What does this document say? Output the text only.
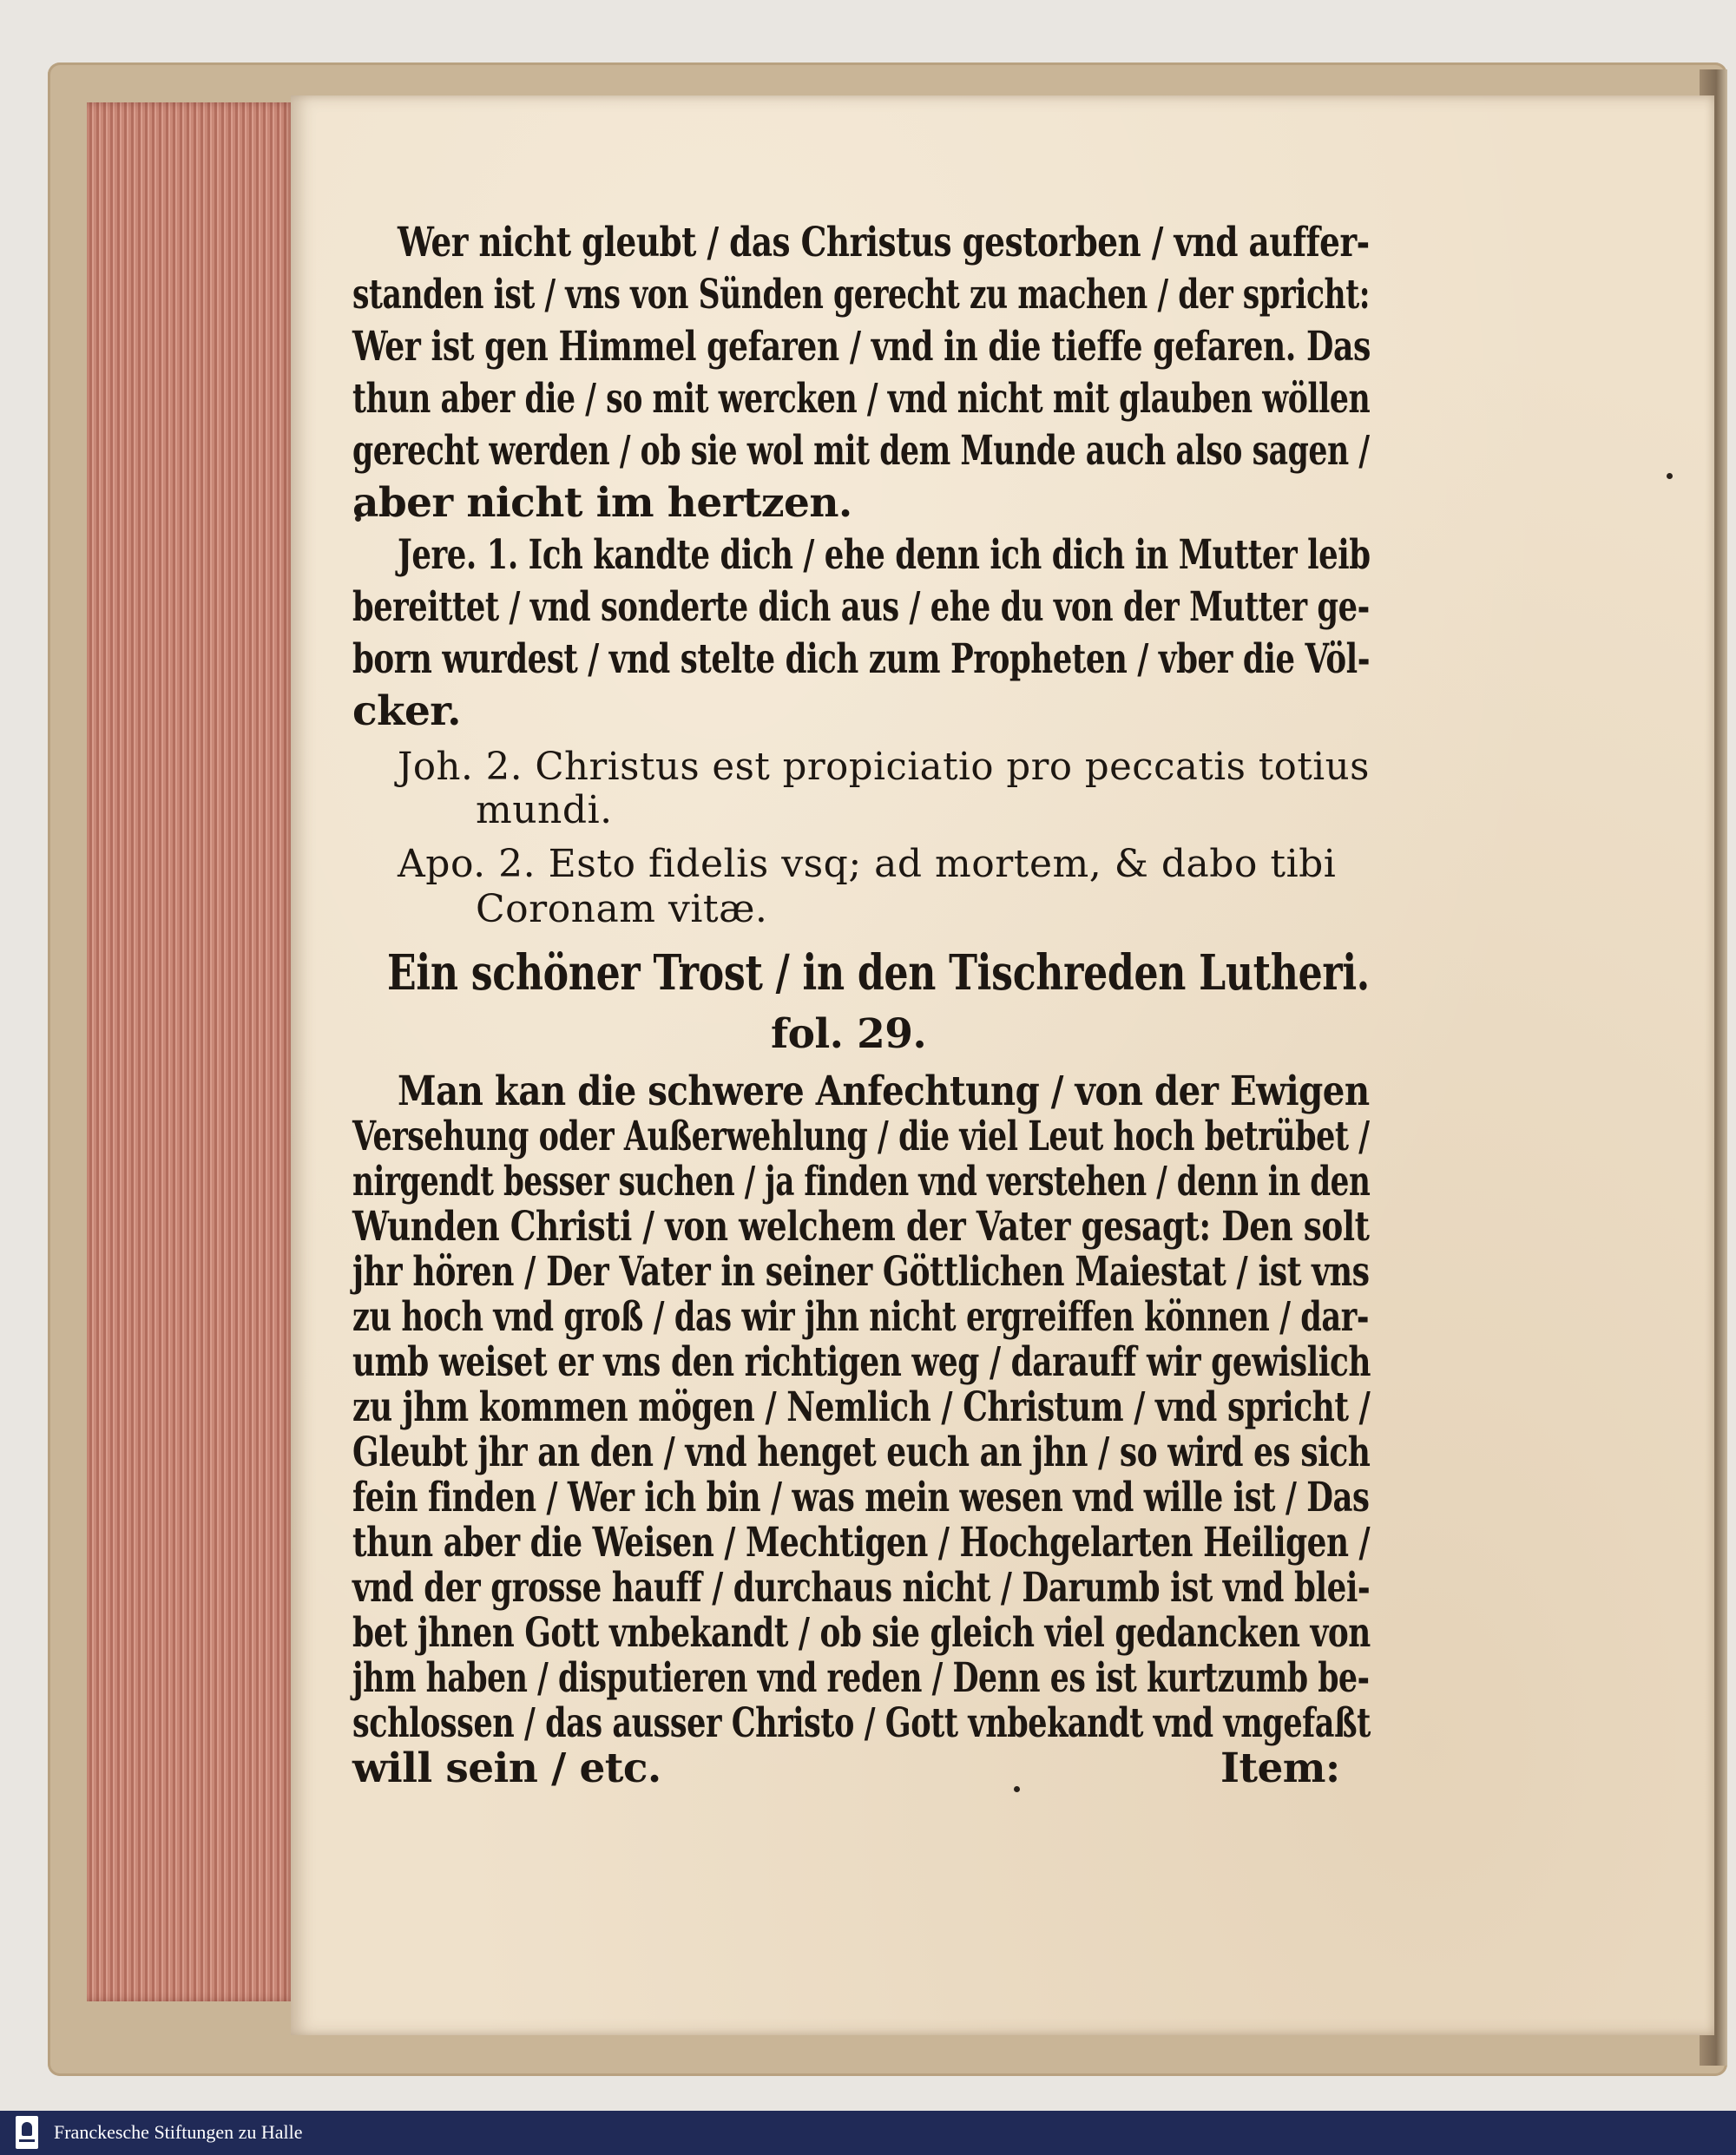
Wer nicht gleubt / das Christus gestorben / vnd auffer-
standen ist / vns von Sünden gerecht zu machen / der spricht:
Wer ist gen Himmel gefaren / vnd in die tieffe gefaren. Das
thun aber die / so mit wercken / vnd nicht mit glauben wöllen
gerecht werden / ob sie wol mit dem Munde auch also sagen /
aber nicht im hertzen.
Jere. 1. Ich kandte dich / ehe denn ich dich in Mutter leib
bereittet / vnd sonderte dich aus / ehe du von der Mutter ge-
born wurdest / vnd stelte dich zum Propheten / vber die Völ-
cker.
Joh. 2. Christus est propiciatio pro peccatis totius
mundi.
Apo. 2. Esto fidelis vsq; ad mortem, & dabo tibi
Coronam vitæ.
Ein schöner Trost / in den Tischreden Lutheri.
fol. 29.
Man kan die schwere Anfechtung / von der Ewigen
Versehung oder Außerwehlung / die viel Leut hoch betrübet /
nirgendt besser suchen / ja finden vnd verstehen / denn in den
Wunden Christi / von welchem der Vater gesagt: Den solt
jhr hören / Der Vater in seiner Göttlichen Maiestat / ist vns
zu hoch vnd groß / das wir jhn nicht ergreiffen können / dar-
umb weiset er vns den richtigen weg / darauff wir gewislich
zu jhm kommen mögen / Nemlich / Christum / vnd spricht /
Gleubt jhr an den / vnd henget euch an jhn / so wird es sich
fein finden / Wer ich bin / was mein wesen vnd wille ist / Das
thun aber die Weisen / Mechtigen / Hochgelarten Heiligen /
vnd der grosse hauff / durchaus nicht / Darumb ist vnd blei-
bet jhnen Gott vnbekandt / ob sie gleich viel gedancken von
jhm haben / disputieren vnd reden / Denn es ist kurtzumb be-
schlossen / das ausser Christo / Gott vnbekandt vnd vngefaßt
will sein / etc.	Item:
Franckesche Stiftungen zu Halle
